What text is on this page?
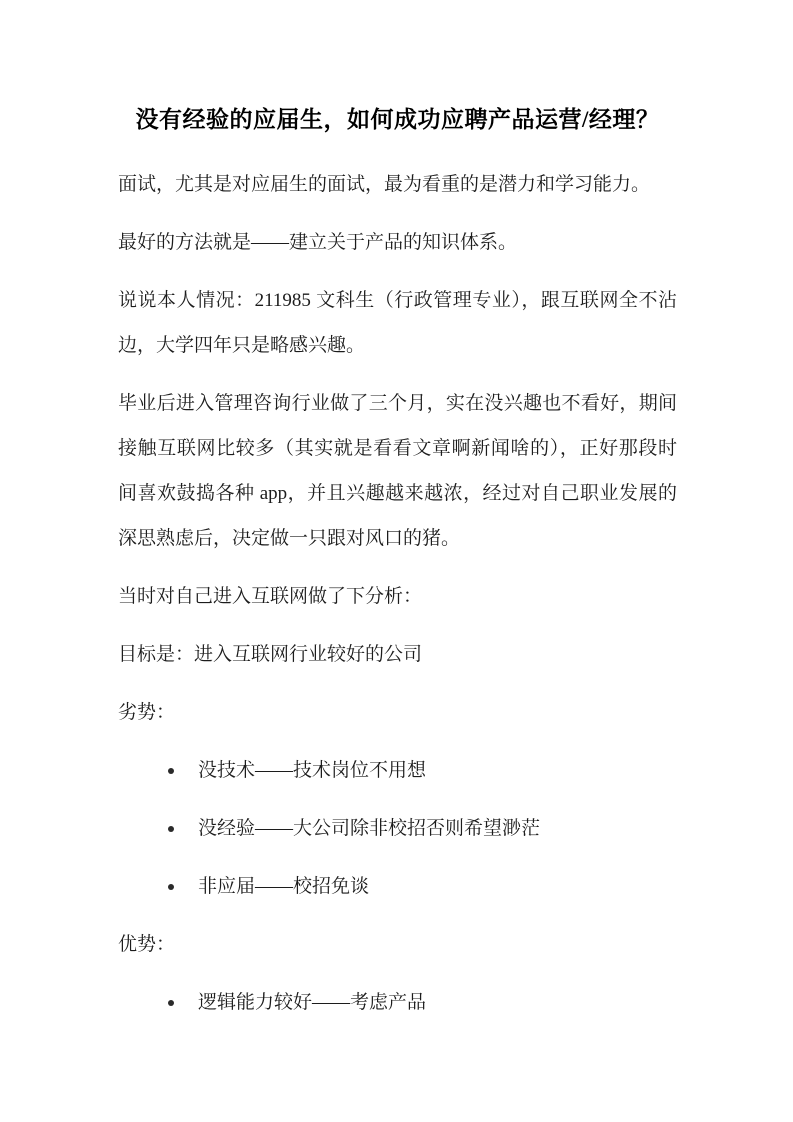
没有经验的应届生，如何成功应聘产品运营/经理？

面试，尤其是对应届生的面试，最为看重的是潜力和学习能力。

最好的方法就是——建立关于产品的知识体系。

说说本人情况：211985 文科生（行政管理专业），跟互联网全不沾边，大学四年只是略感兴趣。

毕业后进入管理咨询行业做了三个月，实在没兴趣也不看好，期间接触互联网比较多（其实就是看看文章啊新闻啥的），正好那段时间喜欢鼓捣各种 app，并且兴趣越来越浓，经过对自己职业发展的深思熟虑后，决定做一只跟对风口的猪。

当时对自己进入互联网做了下分析：

目标是：进入互联网行业较好的公司

劣势：

没技术——技术岗位不用想
没经验——大公司除非校招否则希望渺茫
非应届——校招免谈

优势：

逻辑能力较好——考虑产品
